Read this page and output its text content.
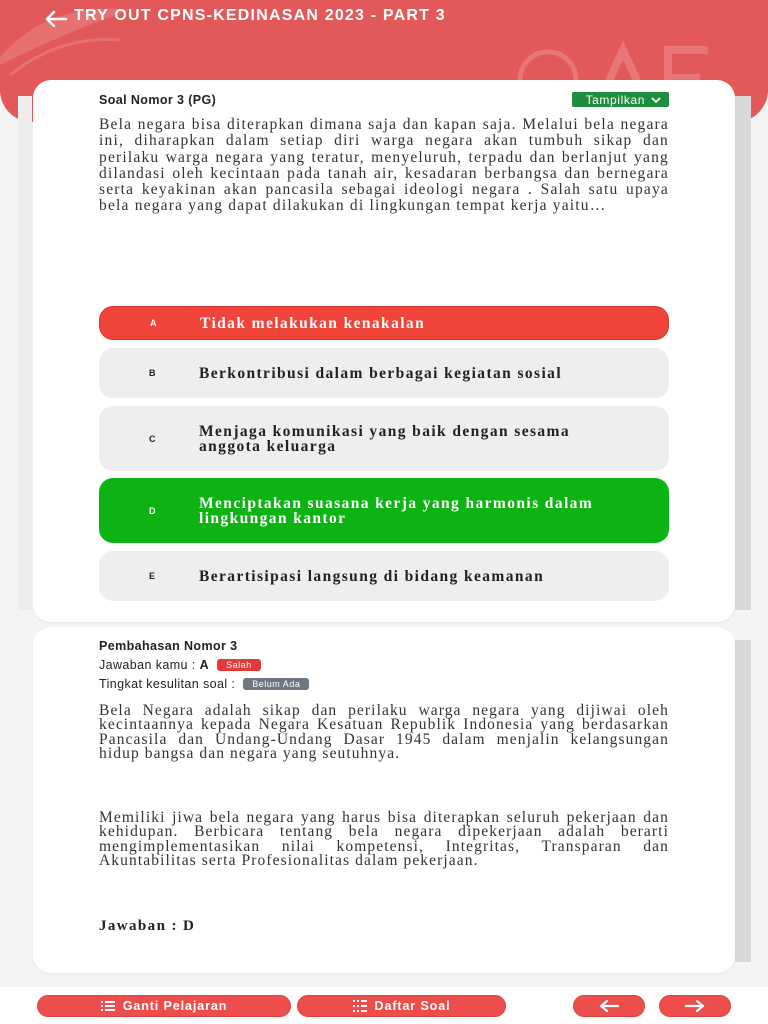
TRY OUT CPNS-KEDINASAN 2023 - PART 3
Soal Nomor 3 (PG)	Tampilkan
Bela negara bisa diterapkan dimana saja dan kapan saja. Melalui bela negara ini, diharapkan dalam setiap diri warga negara akan tumbuh sikap dan perilaku warga negara yang teratur, menyeluruh, terpadu dan berlanjut yang dilandasi oleh kecintaan pada tanah air, kesadaran berbangsa dan bernegara serta keyakinan akan pancasila sebagai ideologi negara . Salah satu upaya bela negara yang dapat dilakukan di lingkungan tempat kerja yaitu…
A	Tidak melakukan kenakalan
B	Berkontribusi dalam berbagai kegiatan sosial
C	Menjaga komunikasi yang baik dengan sesama anggota keluarga
D	Menciptakan suasana kerja yang harmonis dalam lingkungan kantor
E	Berartisipasi langsung di bidang keamanan
Pembahasan Nomor 3
Jawaban kamu : A	Salah
Tingkat kesulitan soal :	Belum Ada
Bela Negara adalah sikap dan perilaku warga negara yang dijiwai oleh kecintaannya kepada Negara Kesatuan Republik Indonesia yang berdasarkan Pancasila dan Undang-Undang Dasar 1945 dalam menjalin kelangsungan hidup bangsa dan negara yang seutuhnya.
Memiliki jiwa bela negara yang harus bisa diterapkan seluruh pekerjaan dan kehidupan. Berbicara tentang bela negara dipekerjaan adalah berarti mengimplementasikan nilai kompetensi, Integritas, Transparan dan Akuntabilitas serta Profesionalitas dalam pekerjaan.
Jawaban : D
Ganti Pelajaran	Daftar Soal
